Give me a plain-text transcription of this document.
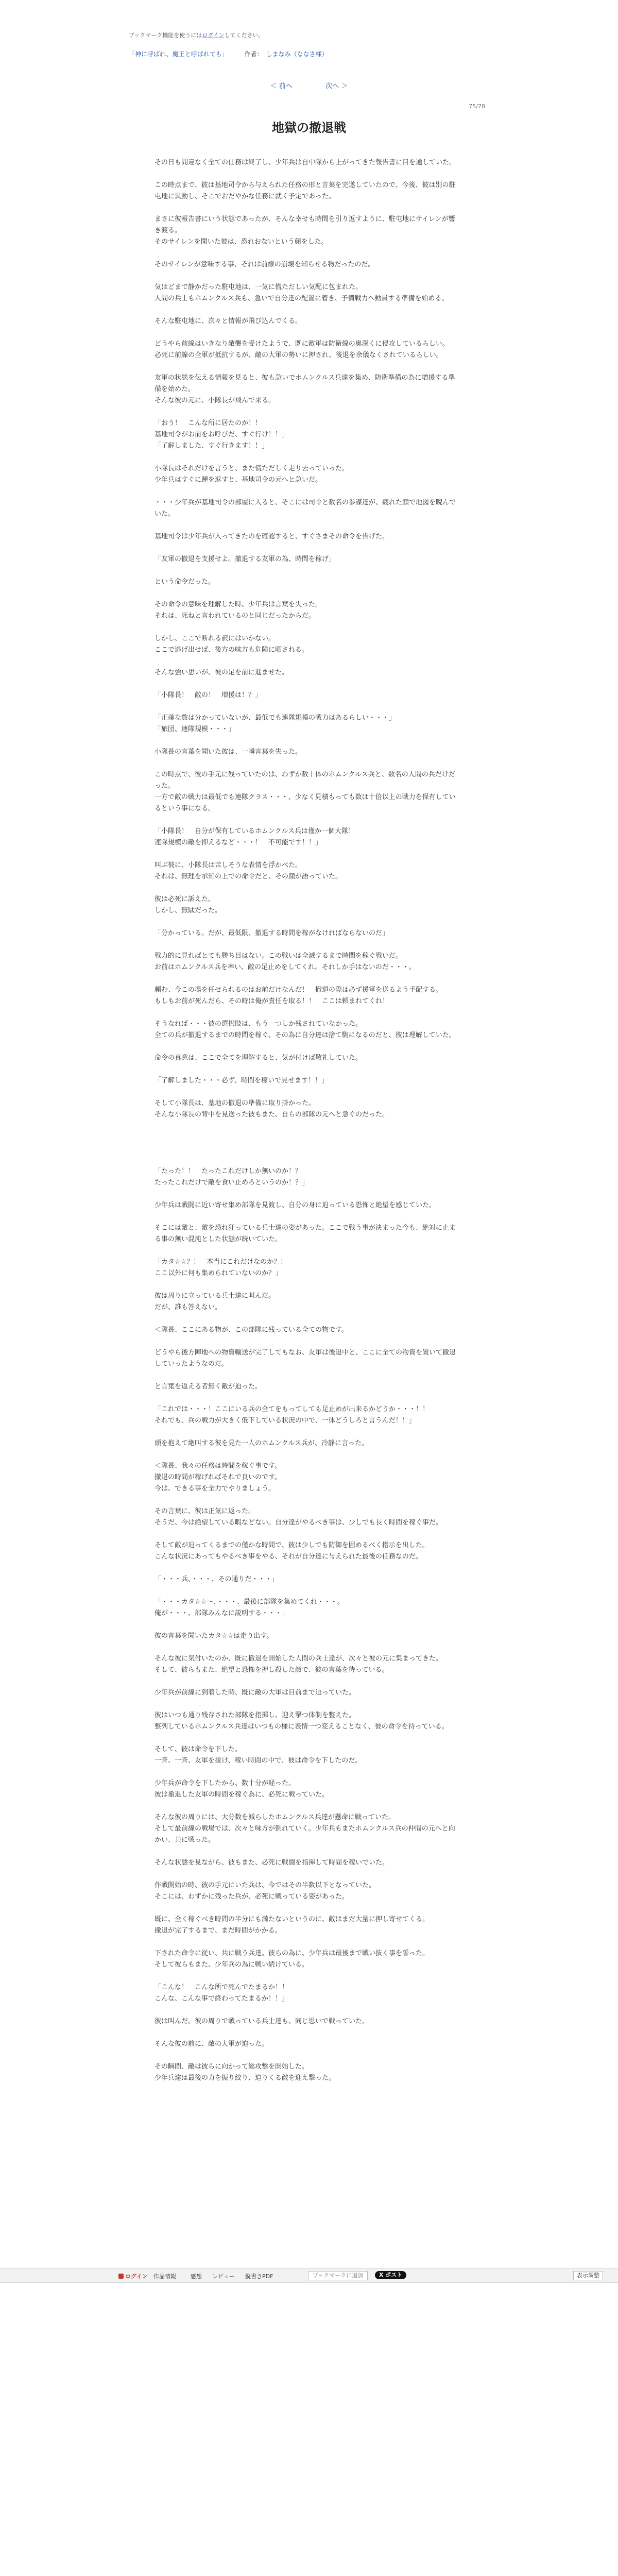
ブックマーク機能を使うにはログインしてください。
「神に呼ばれ、魔王と呼ばれても」	作者： しまなみ（ななさ様）
＜ 前へ	次へ ＞
75/78
地獄の撤退戦

その日も間違なく全ての仕務は終了し、少年兵は自中隊から上がってきた報告書に目を通していた。

この時点まで、彼は基地司令から与えられた任務の形と言葉を完遂していたので、今後、彼は別の駐屯地に異動し、そこでおだやかな任務に就く予定であった。

まさに彼報告書にいう状態であったが、そんな幸せも時間を引り返すように、駐屯地にサイレンが響き渡る。
そのサイレンを聞いた彼は、恐れおないという顔をした。

そのサイレンが意味する事、それは前線の崩壊を知らせる物だったのだ。

気はどまで静かだった駐屯地は、一気に慌ただしい気配に包まれた。
人間の兵士もホムンクルス兵も、急いで自分達の配置に着き、予備戦力へ動員する準備を始める。

そんな駐屯地に、次々と情報が飛び込んでくる。

どうやら前線はいきなり敵襲を受けたようで、既に敵軍は防衛線の奥深くに侵攻しているらしい。
必死に前線の全軍が抵抗するが、敵の大軍の勢いに押され、後退を余儀なくされているらしい。

友軍の状態を伝える情報を見ると、彼も急いでホムンクルス兵達を集め、防衛準備の為に増援する準備を始めた。
そんな彼の元に、小隊長が飛んで来る。

「おう！　こんな所に居たのか！！
基地司令がお前をお呼びだ、すぐ行け！！」
「了解しました、すぐ行きます！！」

小隊長はそれだけを言うと、また慌ただしく走り去っていった。
少年兵はすぐに踵を返すと、基地司令の元へと急いだ。

・・・少年兵が基地司令の部屋に入ると、そこには司令と数名の参謀達が、疲れた顔で地図を睨んでいた。

基地司令は少年兵が入ってきたのを確認すると、すぐさまその命令を告げた。

「友軍の撤退を支援せよ。撤退する友軍の為、時間を稼げ」

という命令だった。

その命令の意味を理解した時、少年兵は言葉を失った。
それは、死ねと言われているのと同じだったからだ。

しかし、ここで断れる訳にはいかない。
ここで逃げ出せば、後方の味方も危険に晒される。

そんな強い思いが、彼の足を前に進ませた。

「小隊長！　敵の！　増援は！？」

「正確な数は分かっていないが、最低でも連隊規模の戦力はあるらしい・・・」
「旅団、連隊規模・・・」

小隊長の言葉を聞いた彼は、一瞬言葉を失った。

この時点で、彼の手元に残っていたのは、わずか数十体のホムンクルス兵と、数名の人間の兵だけだった。
一方で敵の戦力は最低でも連隊クラス・・・、少なく見積もっても数は十倍以上の戦力を保有しているという事になる。

「小隊長！　自分が保有しているホムンクルス兵は僅か一個大隊！
連隊規模の敵を抑えるなど・・・！　不可能です！！」

叫ぶ彼に、小隊長は苦しそうな表情を浮かべた。
それは、無理を承知の上での命令だと、その顔が語っていた。

彼は必死に訴えた。
しかし、無駄だった。

「分かっている。だが、最低限、撤退する時間を稼がなければならないのだ」

戦力的に見ればとても勝ち目はない。この戦いは全滅するまで時間を稼ぐ戦いだ。
お前はホムンクルス兵を率い、敵の足止めをしてくれ。それしか手はないのだ・・・。

頼む、今この場を任せられるのはお前だけなんだ！　撤退の際は必ず援軍を送るよう手配する。
もしもお前が死んだら、その時は俺が責任を取る！！　ここは頼まれてくれ！

そうなれば・・・彼の選択肢は、もう一つしか残されていなかった。
全ての兵が撤退するまでの時間を稼ぐ、その為に自分達は捨て駒になるのだと、彼は理解していた。

命令の真意は、ここで全てを理解すると、気が付けば敬礼していた。

「了解しました・・・必ず、時間を稼いで見せます！！」

そして小隊長は、基地の撤退の準備に取り掛かった。
そんな小隊長の背中を見送った彼もまた、自らの部隊の元へと急ぐのだった。

「たった！！　たったこれだけしか無いのか！？
たったこれだけで敵を食い止めろというのか！？」

少年兵は戦闘に近い寄せ集め部隊を見渡し、自分の身に迫っている恐怖と絶望を感じていた。

そこには敵と、敵を恐れ狂っている兵士達の姿があった。ここで戦う事が決まった今も、絶対に止まる事の無い混沌とした状態が続いていた。

「カタ☆☆？！　本当にこれだけなのか？！
ここ以外に何も集められていないのか？」

彼は周りに立っている兵士達に叫んだ。
だが、誰も答えない。

＜隊長、ここにある物が、この部隊に残っている全ての物です。

どうやら後方陣地への物資輸送が完了してもなお、友軍は後退中と、ここに全ての物資を置いて撤退していったようなのだ。

と言葉を返える者無く敵が迫った。

「これでは・・・！ここにいる兵の全てをもってしても足止めが出来るかどうか・・・！！
それでも、兵の戦力が大きく低下している状況の中で、一体どうしろと言うんだ！！」

頭を抱えて絶叫する彼を見た一人のホムンクルス兵が、冷静に言った。

＜隊長、我々の任務は時間を稼ぐ事です。
撤退の時間が稼げればそれで良いのです。
今は、できる事を全力でやりましょう。

その言葉に、彼は正気に返った。
そうだ、今は絶望している暇などない。自分達がやるべき事は、少しでも長く時間を稼ぐ事だ。

そして敵が迫ってくるまでの僅かな時間で、彼は少しでも防御を固めるべく指示を出した。
こんな状況にあってもやるべき事をやる、それが自分達に与えられた最後の任務なのだ。

「・・・兵、・・・、その通りだ・・・」

「・・・カタ☆☆〜、・・・、最後に部隊を集めてくれ・・・。
俺が・・・、部隊みんなに説明する・・・」

彼の言葉を聞いたカタ☆☆は走り出す。

そんな彼に気付いたのか、既に撤退を開始した人間の兵士達が、次々と彼の元に集まってきた。
そして、彼らもまた、絶望と恐怖を押し殺した顔で、彼の言葉を待っている。

少年兵が前線に到着した時、既に敵の大軍は目前まで迫っていた。

彼はいつも通り残存された部隊を指揮し、迎え撃つ体制を整えた。
整列しているホムンクルス兵達はいつもの様に表情一つ変えることなく、彼の命令を待っている。

そして、彼は命令を下した。
一斉、一斉、友軍を援け、稼い時間の中で、彼は命令を下したのだ。

少年兵が命令を下したから、数十分が経った。
彼は撤退した友軍の時間を稼ぐ為に、必死に戦っていた。

そんな彼の周りには、大分数を減らしたホムンクルス兵達が懸命に戦っていた。
そして最前線の戦場では、次々と味方が倒れていく。少年兵もまたホムンクルス兵の仲間の元へと向かい、共に戦った。

そんな状態を見ながら、彼もまた、必死に戦闘を指揮して時間を稼いでいた。

作戦開始の時、彼の手元にいた兵は、今ではその半数以下となっていた。
そこには、わずかに残った兵が、必死に戦っている姿があった。

既に、全く稼ぐべき時間の半分にも満たないというのに、敵はまだ大量に押し寄せてくる。
撤退が完了するまで、まだ時間がかかる。

下された命令に従い、共に戦う兵達。彼らの為に、少年兵は最後まで戦い抜く事を誓った。
そして彼らもまた、少年兵の為に戦い続けている。

「こんな！　こんな所で死んでたまるか！！
こんな、こんな事で終わってたまるか！！」

彼は叫んだ。彼の周りで戦っている兵士達も、同じ思いで戦っていた。

そんな彼の前に、敵の大軍が迫った。

その瞬間、敵は彼らに向かって総攻撃を開始した。
少年兵達は最後の力を振り絞り、迫りくる敵を迎え撃った。

ログイン 作品情報	感想 レビュー 縦書きPDF	ブックマークに追加	X ポスト	表示調整
